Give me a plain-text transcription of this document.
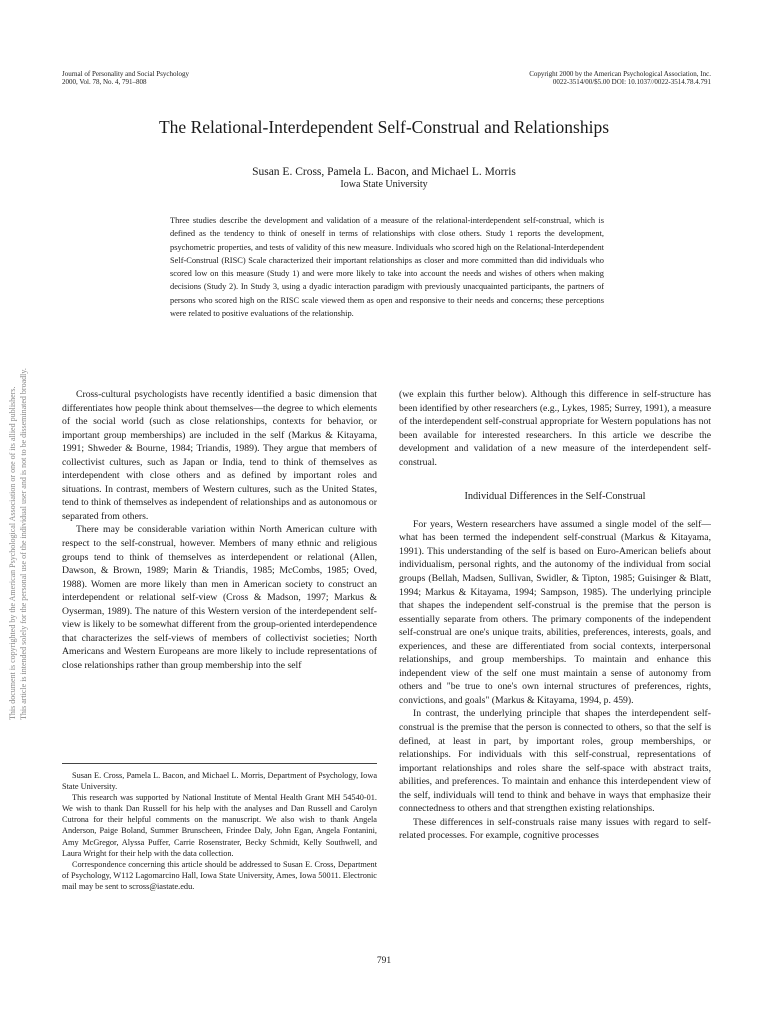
Journal of Personality and Social Psychology
2000, Vol. 78, No. 4, 791–808
Copyright 2000 by the American Psychological Association, Inc.
0022-3514/00/$5.00 DOI: 10.1037//0022-3514.78.4.791
The Relational-Interdependent Self-Construal and Relationships
Susan E. Cross, Pamela L. Bacon, and Michael L. Morris
Iowa State University
Three studies describe the development and validation of a measure of the relational-interdependent self-construal, which is defined as the tendency to think of oneself in terms of relationships with close others. Study 1 reports the development, psychometric properties, and tests of validity of this new measure. Individuals who scored high on the Relational-Interdependent Self-Construal (RISC) Scale characterized their important relationships as closer and more committed than did individuals who scored low on this measure (Study 1) and were more likely to take into account the needs and wishes of others when making decisions (Study 2). In Study 3, using a dyadic interaction paradigm with previously unacquainted participants, the partners of persons who scored high on the RISC scale viewed them as open and responsive to their needs and concerns; these perceptions were related to positive evaluations of the relationship.

Cross-cultural psychologists have recently identified a basic dimension that differentiates how people think about themselves—the degree to which elements of the social world (such as close relationships, contexts for behavior, or important group memberships) are included in the self (Markus & Kitayama, 1991; Shweder & Bourne, 1984; Triandis, 1989). They argue that members of collectivist cultures, such as Japan or India, tend to think of themselves as interdependent with close others and as defined by important roles and situations. In contrast, members of Western cultures, such as the United States, tend to think of themselves as independent of relationships and as autonomous or separated from others.

There may be considerable variation within North American culture with respect to the self-construal, however. Members of many ethnic and religious groups tend to think of themselves as interdependent or relational (Allen, Dawson, & Brown, 1989; Marin & Triandis, 1985; McCombs, 1985; Oved, 1988). Women are more likely than men in American society to construct an interdependent or relational self-view (Cross & Madson, 1997; Markus & Oyserman, 1989). The nature of this Western version of the interdependent self-view is likely to be somewhat different from the group-oriented interdependence that characterizes the self-views of members of collectivist societies; North Americans and Western Europeans are more likely to include representations of close relationships rather than group membership into the self

(we explain this further below). Although this difference in self-structure has been identified by other researchers (e.g., Lykes, 1985; Surrey, 1991), a measure of the interdependent self-construal appropriate for Western populations has not been available for interested researchers. In this article we describe the development and validation of a new measure of the interdependent self-construal.

Individual Differences in the Self-Construal

For years, Western researchers have assumed a single model of the self—what has been termed the independent self-construal (Markus & Kitayama, 1991). This understanding of the self is based on Euro-American beliefs about individualism, personal rights, and the autonomy of the individual from social groups (Bellah, Madsen, Sullivan, Swidler, & Tipton, 1985; Guisinger & Blatt, 1994; Markus & Kitayama, 1994; Sampson, 1985). The underlying principle that shapes the independent self-construal is the premise that the person is essentially separate from others. The primary components of the independent self-construal are one's unique traits, abilities, preferences, interests, goals, and experiences, and these are differentiated from social contexts, interpersonal relationships, and group memberships. To maintain and enhance this independent view of the self one must maintain a sense of autonomy from others and "be true to one's own internal structures of preferences, rights, convictions, and goals" (Markus & Kitayama, 1994, p. 459).

In contrast, the underlying principle that shapes the interdependent self-construal is the premise that the person is connected to others, so that the self is defined, at least in part, by important roles, group memberships, or relationships. For individuals with this self-construal, representations of important relationships and roles share the self-space with abstract traits, abilities, and preferences. To maintain and enhance this interdependent view of the self, individuals will tend to think and behave in ways that emphasize their connectedness to others and that strengthen existing relationships.

These differences in self-construals raise many issues with regard to self-related processes. For example, cognitive processes

Susan E. Cross, Pamela L. Bacon, and Michael L. Morris, Department of Psychology, Iowa State University.

This research was supported by National Institute of Mental Health Grant MH 54540-01. We wish to thank Dan Russell for his help with the analyses and Dan Russell and Carolyn Cutrona for their helpful comments on the manuscript. We also wish to thank Angela Anderson, Paige Boland, Summer Brunscheen, Frindee Daly, John Egan, Angela Fontanini, Amy McGregor, Alyssa Puffer, Carrie Rosenstrater, Becky Schmidt, Kelly Southwell, and Laura Wright for their help with the data collection.

Correspondence concerning this article should be addressed to Susan E. Cross, Department of Psychology, W112 Lagomarcino Hall, Iowa State University, Ames, Iowa 50011. Electronic mail may be sent to scross@iastate.edu.

791
This document is copyrighted by the American Psychological Association or one of its allied publishers. This article is intended solely for the personal use of the individual user and is not to be disseminated broadly.
